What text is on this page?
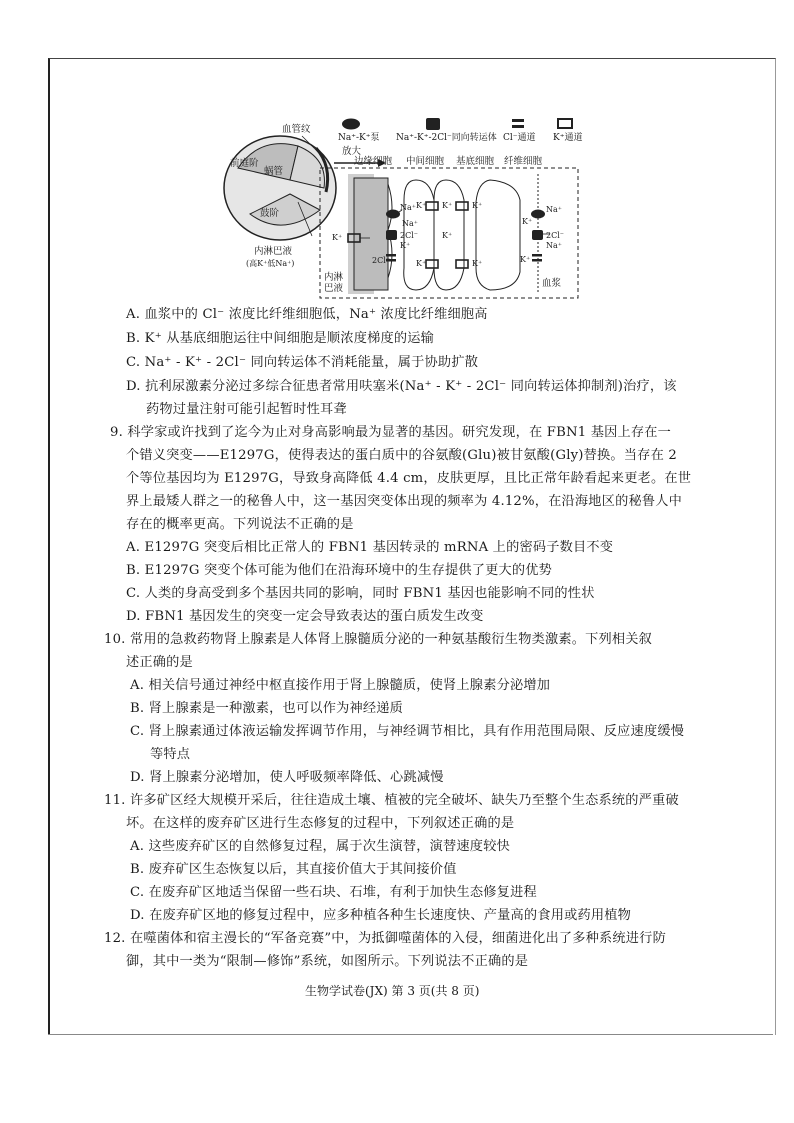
Na⁺-K⁺泵 Na⁺-K⁺-2Cl⁻同向转运体 Cl⁻通道 K⁺通道
血管纹
前庭阶
蜗管
鼓阶
内淋巴液
(高K⁺低Na⁺)
放大
边缘细胞 中间细胞 基底细胞 纤维细胞
内淋
巴液	血浆
Na⁺
Na⁺
2Cl⁻
K⁺
K⁺
2Cl⁻
K⁺ K⁺ K⁺
K⁺
K⁺	K⁺
Na⁺
K⁺
2Cl⁻
Na⁺
K⁺
A. 血浆中的 Cl⁻ 浓度比纤维细胞低，Na⁺ 浓度比纤维细胞高
B. K⁺ 从基底细胞运往中间细胞是顺浓度梯度的运输
C. Na⁺ - K⁺ - 2Cl⁻ 同向转运体不消耗能量，属于协助扩散
D. 抗利尿激素分泌过多综合征患者常用呋塞米(Na⁺ - K⁺ - 2Cl⁻ 同向转运体抑制剂)治疗，该
药物过量注射可能引起暂时性耳聋
9. 科学家或许找到了迄今为止对身高影响最为显著的基因。研究发现，在 FBN1 基因上存在一
个错义突变——E1297G，使得表达的蛋白质中的谷氨酸(Glu)被甘氨酸(Gly)替换。当存在 2
个等位基因均为 E1297G，导致身高降低 4.4 cm，皮肤更厚，且比正常年龄看起来更老。在世
界上最矮人群之一的秘鲁人中，这一基因突变体出现的频率为 4.12%，在沿海地区的秘鲁人中
存在的概率更高。下列说法不正确的是
A. E1297G 突变后相比正常人的 FBN1 基因转录的 mRNA 上的密码子数目不变
B. E1297G 突变个体可能为他们在沿海环境中的生存提供了更大的优势
C. 人类的身高受到多个基因共同的影响，同时 FBN1 基因也能影响不同的性状
D. FBN1 基因发生的突变一定会导致表达的蛋白质发生改变
10. 常用的急救药物肾上腺素是人体肾上腺髓质分泌的一种氨基酸衍生物类激素。下列相关叙
述正确的是
A. 相关信号通过神经中枢直接作用于肾上腺髓质，使肾上腺素分泌增加
B. 肾上腺素是一种激素，也可以作为神经递质
C. 肾上腺素通过体液运输发挥调节作用，与神经调节相比，具有作用范围局限、反应速度缓慢
等特点
D. 肾上腺素分泌增加，使人呼吸频率降低、心跳减慢
11. 许多矿区经大规模开采后，往往造成土壤、植被的完全破坏、缺失乃至整个生态系统的严重破
坏。在这样的废弃矿区进行生态修复的过程中，下列叙述正确的是
A. 这些废弃矿区的自然修复过程，属于次生演替，演替速度较快
B. 废弃矿区生态恢复以后，其直接价值大于其间接价值
C. 在废弃矿区地适当保留一些石块、石堆，有利于加快生态修复进程
D. 在废弃矿区地的修复过程中，应多种植各种生长速度快、产量高的食用或药用植物
12. 在噬菌体和宿主漫长的“军备竞赛”中，为抵御噬菌体的入侵，细菌进化出了多种系统进行防
御，其中一类为“限制—修饰”系统，如图所示。下列说法不正确的是
生物学试卷(JX) 第 3 页(共 8 页)
